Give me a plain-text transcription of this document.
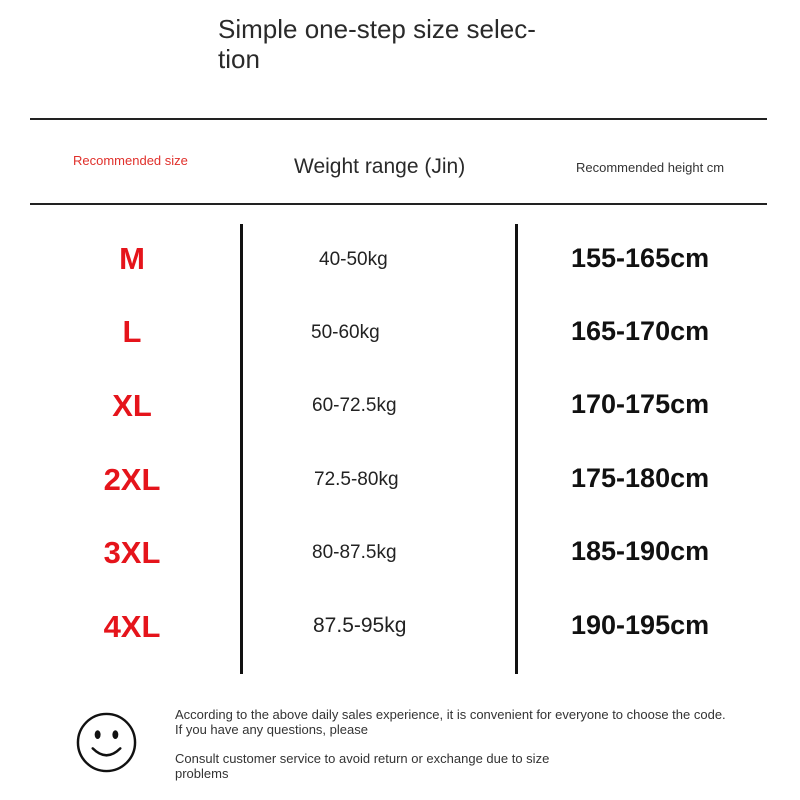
Simple one-step size selec-tion
Recommended size	Weight range (Jin)	Recommended height cm
M	40-50kg	155-165cm
L	50-60kg	165-170cm
XL	60-72.5kg	170-175cm
2XL	72.5-80kg	175-180cm
3XL	80-87.5kg	185-190cm
4XL	87.5-95kg	190-195cm
According to the above daily sales experience, it is convenient for everyone to choose the code. If you have any questions, please
Consult customer service to avoid return or exchange due to size problems
